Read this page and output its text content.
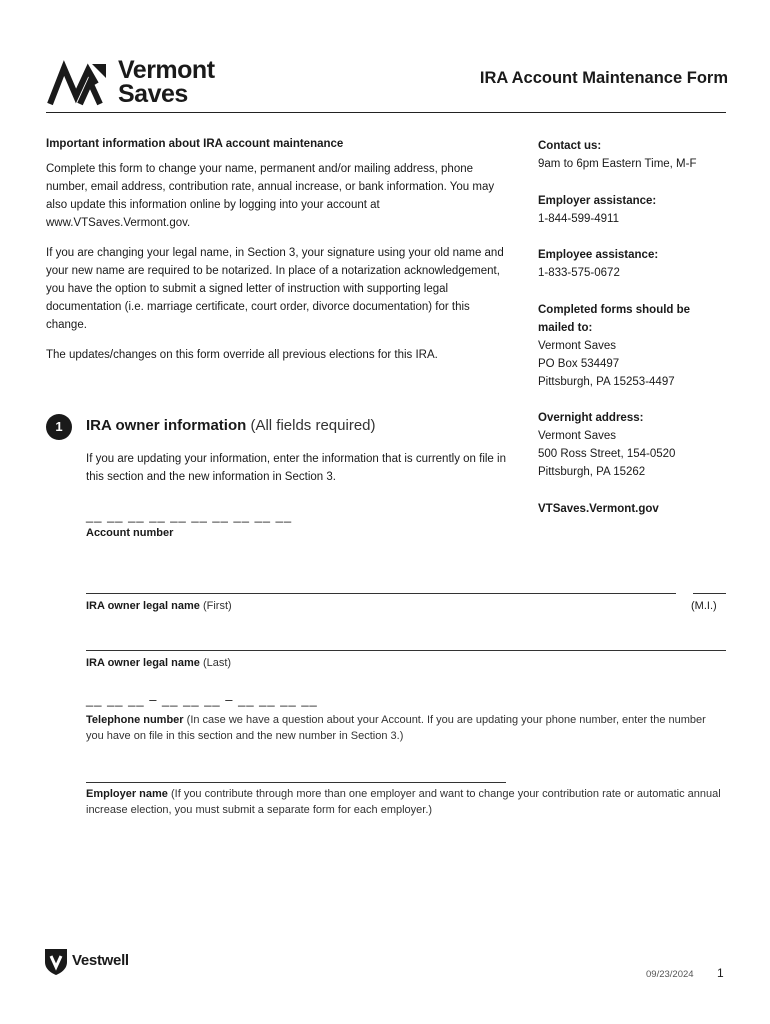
Vermont
Saves
IRA Account Maintenance Form
Important information about IRA account maintenance
Complete this form to change your name, permanent and/or mailing address, phone number, email address, contribution rate, annual increase, or bank information. You may also update this information online by logging into your account at www.VTSaves.Vermont.gov.
If you are changing your legal name, in Section 3, your signature using your old name and your new name are required to be notarized. In place of a notarization acknowledgement, you have the option to submit a signed letter of instruction with supporting legal documentation (i.e. marriage certificate, court order, divorce documentation) for this change.
The updates/changes on this form override all previous elections for this IRA.
Contact us:
9am to 6pm Eastern Time, M-F
Employer assistance:
1-844-599-4911
Employee assistance:
1-833-575-0672
Completed forms should be mailed to:
Vermont Saves
PO Box 534497
Pittsburgh, PA 15253-4497
Overnight address:
Vermont Saves
500 Ross Street, 154-0520
Pittsburgh, PA 15262
VTSaves.Vermont.gov
1	IRA owner information (All fields required)
If you are updating your information, enter the information that is currently on file in this section and the new information in Section 3.
__ __ __ __ __ __ __ __ __ __
Account number
IRA owner legal name (First)	(M.I.)
IRA owner legal name (Last)
__ __ __ – __ __ __ – __ __ __ __
Telephone number (In case we have a question about your Account. If you are updating your phone number, enter the number you have on file in this section and the new number in Section 3.)
Employer name (If you contribute through more than one employer and want to change your contribution rate or automatic annual increase election, you must submit a separate form for each employer.)
Vestwell
09/23/2024 1
